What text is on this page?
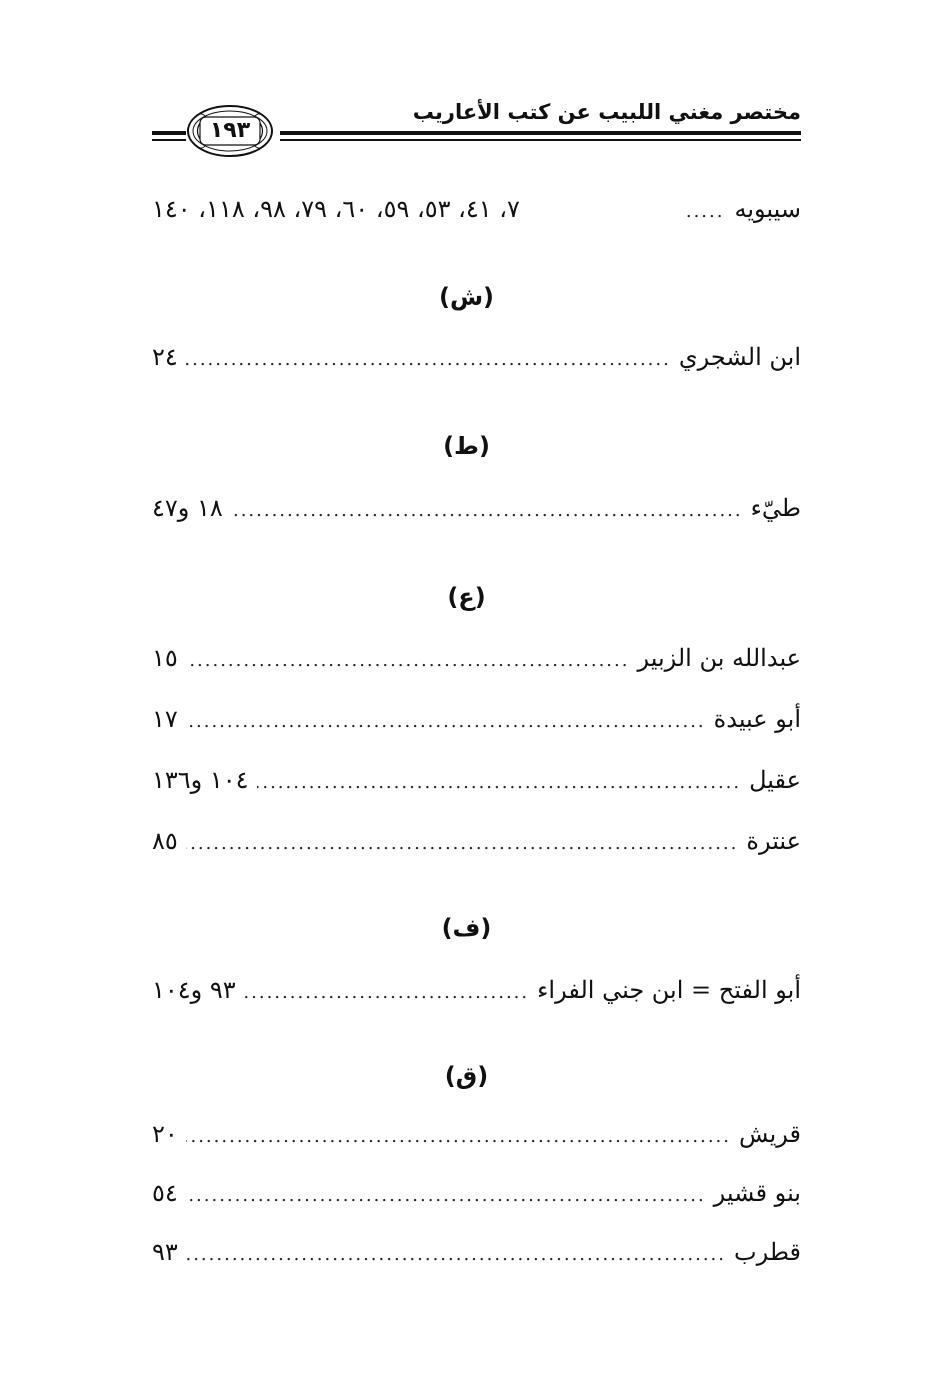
مختصر مغني اللبيب عن كتب الأعاريب
١٩٣
سيبويه
.....
٧، ٤١، ٥٣، ٥٩، ٦٠، ٧٩، ٩٨، ١١٨، ١٤٠
(ش)
ابن الشجري
.....
٢٤
(ط)
طيّء
.....
١٨ و٤٧
(ع)
عبدالله بن الزبير
.....
١٥
أبو عبيدة
.....
١٧
عقيل
.....
١٠٤ و١٣٦
عنترة
.....
٨٥
(ف)
أبو الفتح = ابن جني الفراء
.....
٩٣ و١٠٤
(ق)
قريش
.....
٢٠
بنو قشير
.....
٥٤
قطرب
.....
٩٣
